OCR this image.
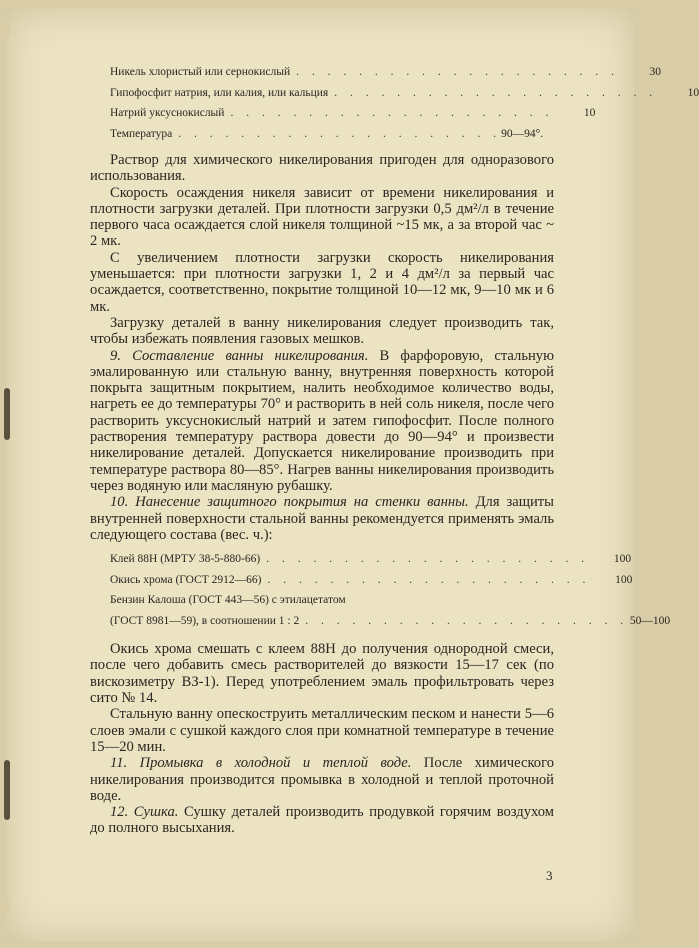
Никель хлористый или сернокислый . . . . . . . . . . . . . . . . . . . . .	30
Гипофосфит натрия, или калия, или кальция . . . . . . . . . . . . . . . . . . . . .	10
Натрий уксуснокислый . . . . . . . . . . . . . . . . . . . . .	10
Температура . . . . . . . . . . . . . . . . . . . . . 90—94°.

Раствор для химического никелирования пригоден для одноразового использования.

Скорость осаждения никеля зависит от времени никелирования и плотности загрузки деталей. При плотности загрузки 0,5 дм²/л в течение первого часа осаждается слой никеля толщиной ~15 мк, а за второй час ~ 2 мк.

С увеличением плотности загрузки скорость никелирования уменьшается: при плотности загрузки 1, 2 и 4 дм²/л за первый час осаждается, соответственно, покрытие толщиной 10—12 мк, 9—10 мк и 6 мк.

Загрузку деталей в ванну никелирования следует производить так, чтобы избежать появления газовых мешков.

9. Составление ванны никелирования. В фарфоровую, стальную эмалированную или стальную ванну, внутренняя поверхность которой покрыта защитным покрытием, налить необходимое количество воды, нагреть ее до температуры 70° и растворить в ней соль никеля, после чего растворить уксуснокислый натрий и затем гипофосфит. После полного растворения температуру раствора довести до 90—94° и произвести никелирование деталей. Допускается никелирование производить при температуре раствора 80—85°. Нагрев ванны никелирования производить через водяную или масляную рубашку.

10. Нанесение защитного покрытия на стенки ванны. Для защиты внутренней поверхности стальной ванны рекомендуется применять эмаль следующего состава (вес. ч.):

Клей 88Н (МРТУ 38-5-880-66) . . . . . . . . . . . . . . . . . . . . .	100
Окись хрома (ГОСТ 2912—66) . . . . . . . . . . . . . . . . . . . . .	100
Бензин Калоша (ГОСТ 443—56) с этилацетатом
(ГОСТ 8981—59), в соотношении 1 : 2 . . . . . . . . . . . . . . . . . . . . . 50—100

Окись хрома смешать с клеем 88Н до получения однородной смеси, после чего добавить смесь растворителей до вязкости 15—17 сек (по вискозиметру ВЗ-1). Перед употреблением эмаль профильтровать через сито № 14.

Стальную ванну опескоструить металлическим песком и нанести 5—6 слоев эмали с сушкой каждого слоя при комнатной температуре в течение 15—20 мин.

11. Промывка в холодной и теплой воде. После химического никелирования производится промывка в холодной и теплой проточной воде.

12. Сушка. Сушку деталей производить продувкой горячим воздухом до полного высыхания.

3
